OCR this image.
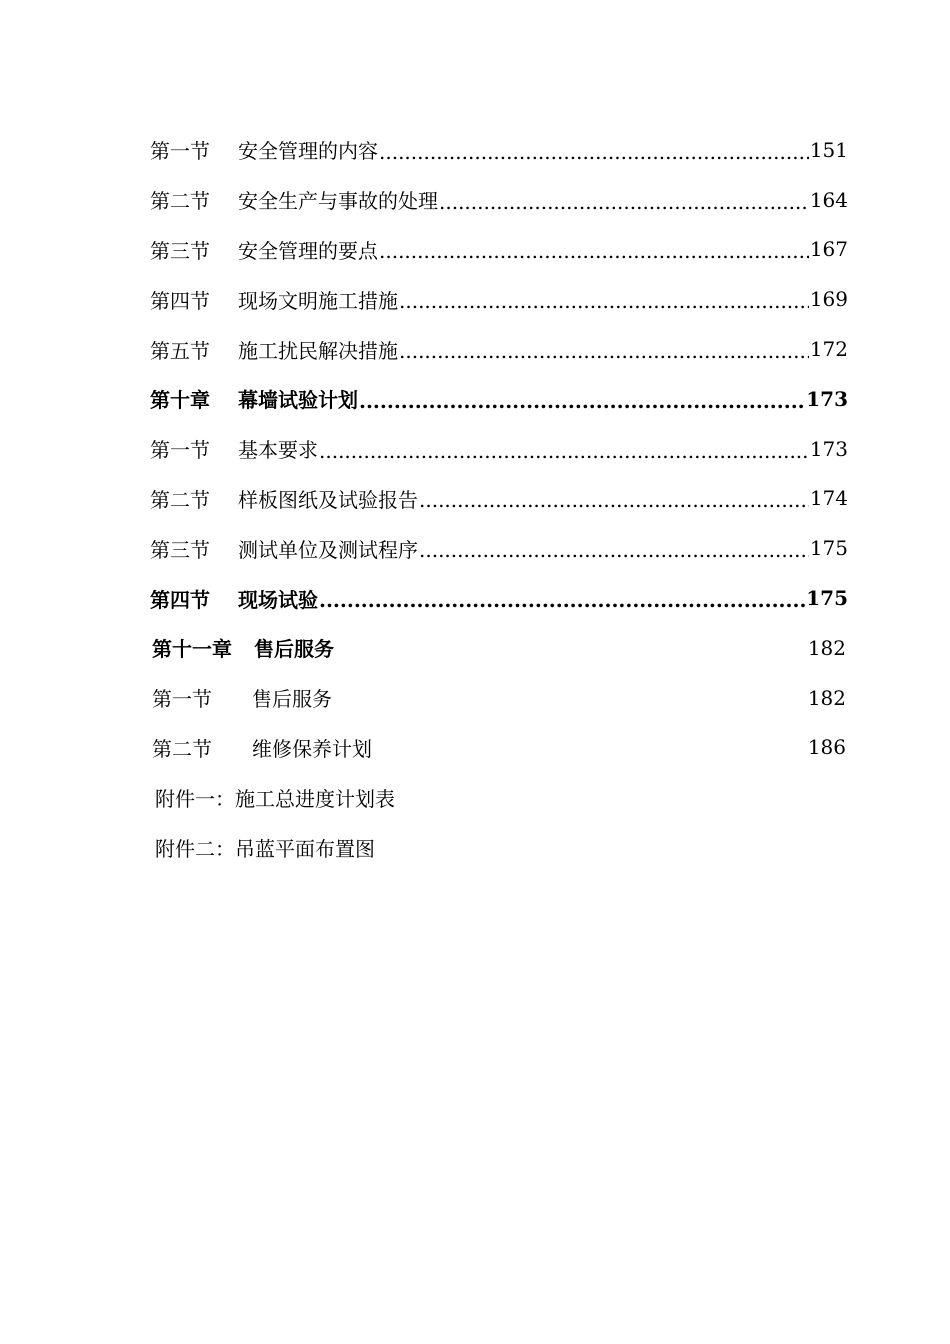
第一节	安全管理的内容 .....	151
第二节	安全生产与事故的处理 .....	164
第三节	安全管理的要点 .....	167
第四节	现场文明施工措施 .....	169
第五节	施工扰民解决措施 .....	172
第十章	幕墙试验计划 .....	173
第一节	基本要求 .....	173
第二节	样板图纸及试验报告 .....	174
第三节	测试单位及测试程序 .....	175
第四节	现场试验 .....	175
第十一章	售后服务	182
第一节	售后服务	182
第二节	维修保养计划	186
附件一：施工总进度计划表
附件二：吊蓝平面布置图
